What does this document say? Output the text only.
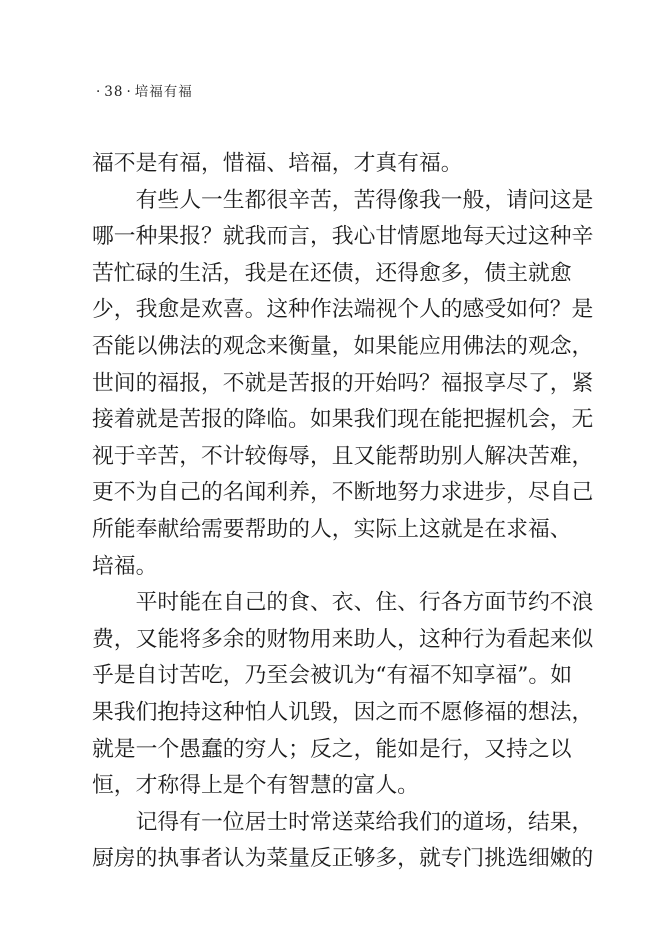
· 38 · 培福有福
福不是有福，惜福、培福，才真有福。
　　有些人一生都很辛苦，苦得像我一般，请问这是
哪一种果报？就我而言，我心甘情愿地每天过这种辛
苦忙碌的生活，我是在还债，还得愈多，债主就愈
少，我愈是欢喜。这种作法端视个人的感受如何？是
否能以佛法的观念来衡量，如果能应用佛法的观念，
世间的福报，不就是苦报的开始吗？福报享尽了，紧
接着就是苦报的降临。如果我们现在能把握机会，无
视于辛苦，不计较侮辱，且又能帮助别人解决苦难，
更不为自己的名闻利养，不断地努力求进步，尽自己
所能奉献给需要帮助的人，实际上这就是在求福、
培福。
　　平时能在自己的食、衣、住、行各方面节约不浪
费，又能将多余的财物用来助人，这种行为看起来似
乎是自讨苦吃，乃至会被讥为“有福不知享福”。如
果我们抱持这种怕人讥毁，因之而不愿修福的想法，
就是一个愚蠢的穷人；反之，能如是行，又持之以
恒，才称得上是个有智慧的富人。
　　记得有一位居士时常送菜给我们的道场，结果，
厨房的执事者认为菜量反正够多，就专门挑选细嫩的
